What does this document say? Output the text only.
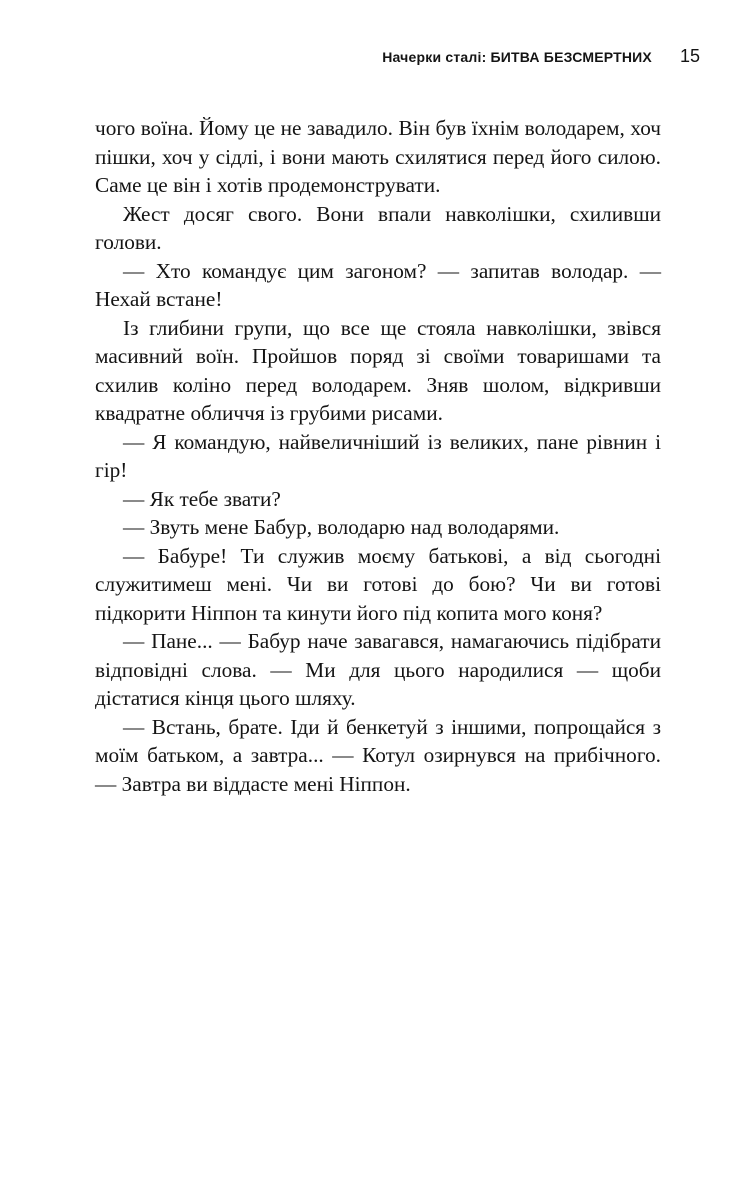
Начерки сталі: БИТВА БЕЗСМЕРТНИХ 15

чого воїна. Йому це не завадило. Він був їхнім володарем, хоч пішки, хоч у сідлі, і вони мають схилятися перед його силою. Саме це він і хотів продемонструвати.

Жест досяг свого. Вони впали навколішки, схиливши голови.

— Хто командує цим загоном? — запитав володар. — Нехай встане!

Із глибини групи, що все ще стояла навколішки, звівся масивний воїн. Пройшов поряд зі своїми товаришами та схилив коліно перед володарем. Зняв шолом, відкривши квадратне обличчя із грубими рисами.

— Я командую, найвеличніший із великих, пане рівнин і гір!

— Як тебе звати?

— Звуть мене Бабур, володарю над володарями.

— Бабуре! Ти служив моєму батькові, а від сьогодні служитимеш мені. Чи ви готові до бою? Чи ви готові підкорити Ніппон та кинути його під копита мого коня?

— Пане... — Бабур наче завагався, намагаючись підібрати відповідні слова. — Ми для цього народилися — щоби дістатися кінця цього шляху.

— Встань, брате. Іди й бенкетуй з іншими, попрощайся з моїм батьком, а завтра... — Котул озирнувся на прибічного. — Завтра ви віддасте мені Ніппон.
